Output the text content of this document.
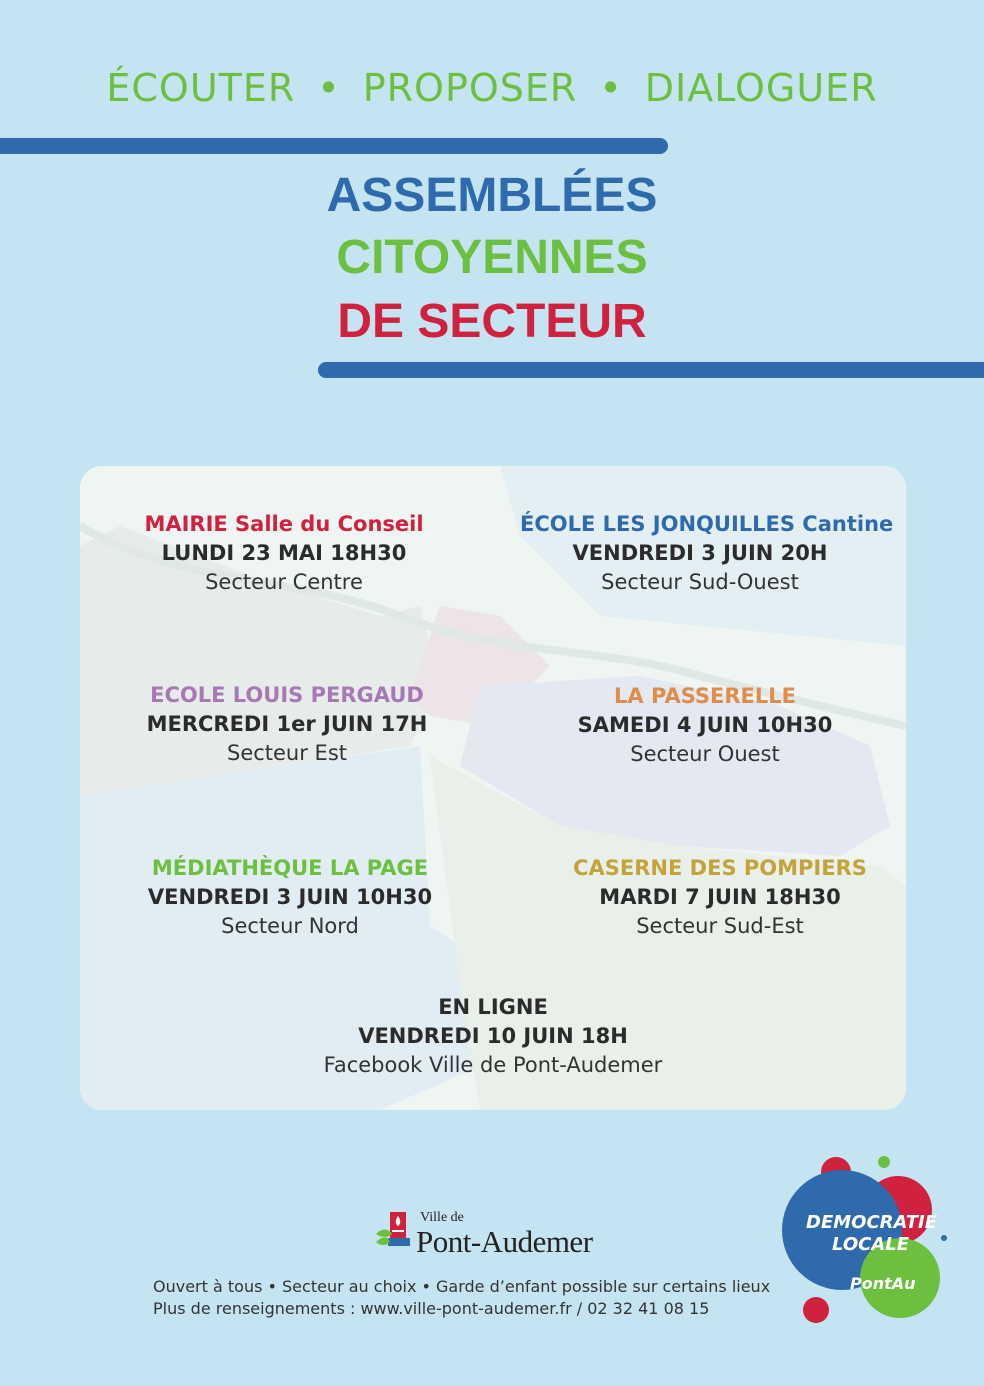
ÉCOUTER • PROPOSER • DIALOGUER
ASSEMBLÉES
CITOYENNES
DE SECTEUR
MAIRIE Salle du Conseil
LUNDI 23 MAI 18H30
Secteur Centre
ÉCOLE LES JONQUILLES Cantine
VENDREDI 3 JUIN 20H
Secteur Sud-Ouest
ECOLE LOUIS PERGAUD
MERCREDI 1er JUIN 17H
Secteur Est
LA PASSERELLE
SAMEDI 4 JUIN 10H30
Secteur Ouest
MÉDIATHÈQUE LA PAGE
VENDREDI 3 JUIN 10H30
Secteur Nord
CASERNE DES POMPIERS
MARDI 7 JUIN 18H30
Secteur Sud-Est
EN LIGNE
VENDREDI 10 JUIN 18H
Facebook Ville de Pont-Audemer
Ville de
Pont-Audemer
Ouvert à tous • Secteur au choix • Garde d’enfant possible sur certains lieux
Plus de renseignements : www.ville-pont-audemer.fr / 02 32 41 08 15
DEMOCRATIE
LOCALE
PontAu
